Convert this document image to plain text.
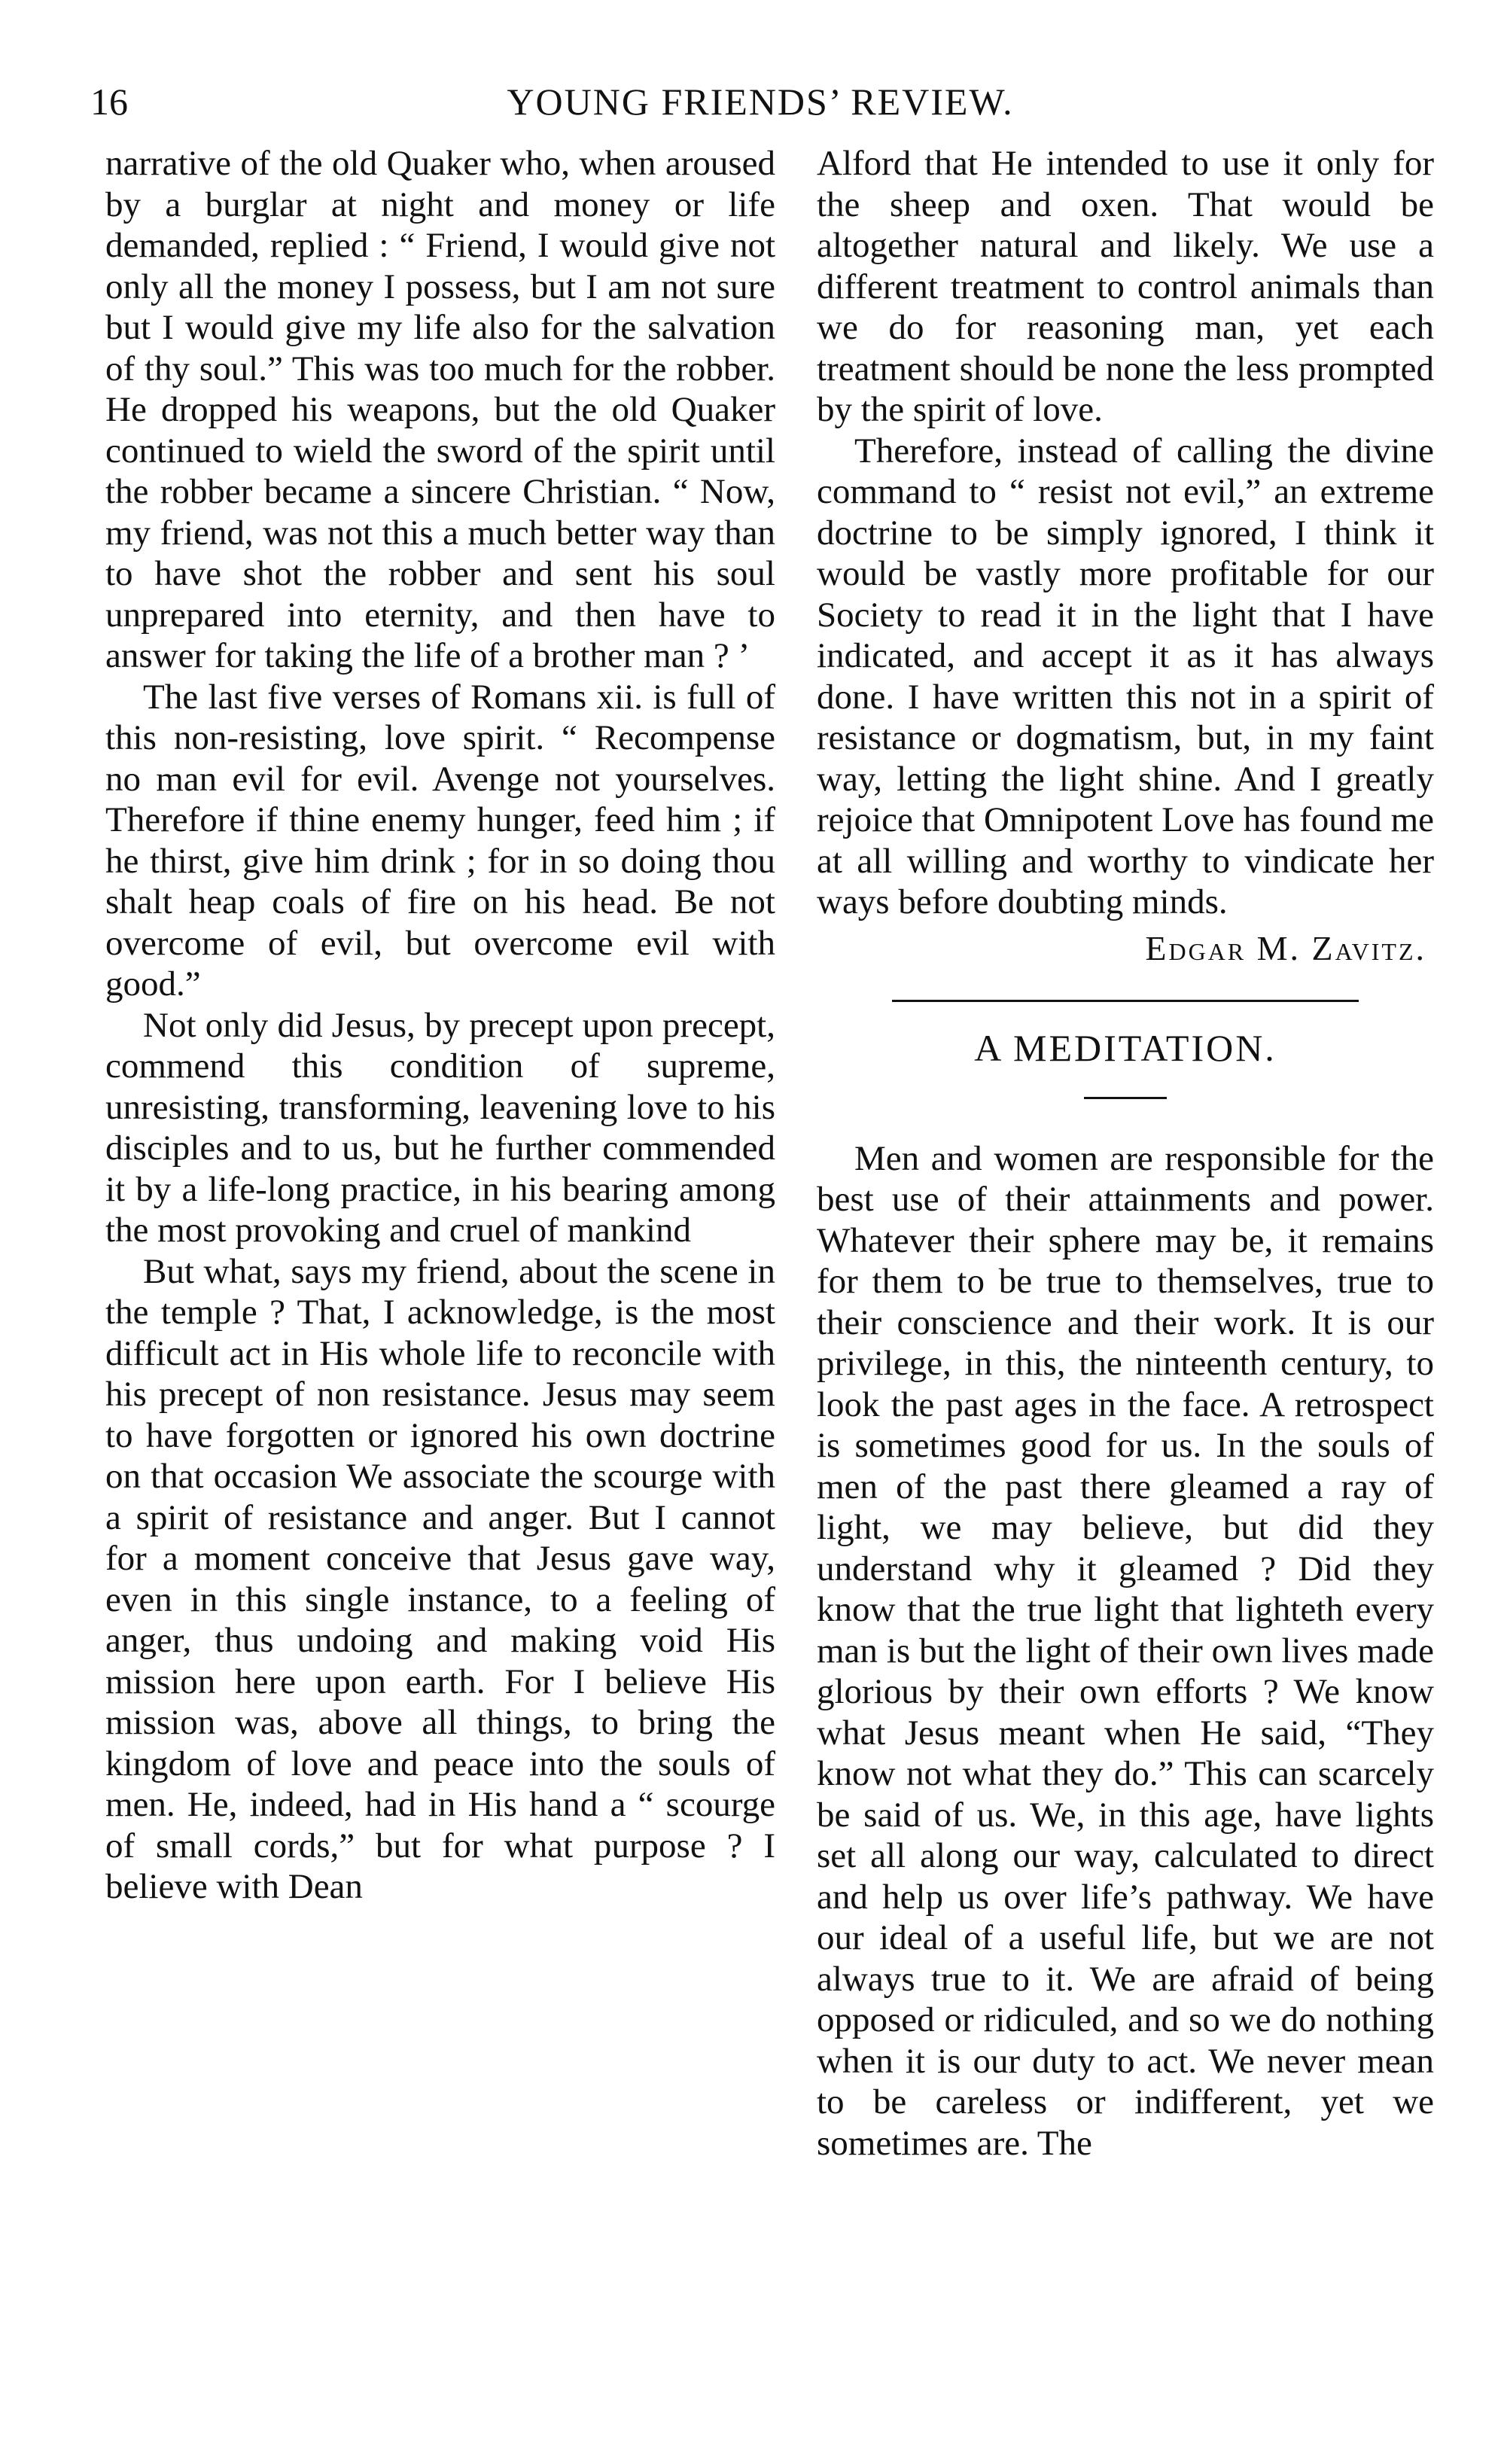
16	YOUNG FRIENDS’ REVIEW.

narrative of the old Quaker who, when aroused by a burglar at night and money or life demanded, replied : “ Friend, I would give not only all the money I possess, but I am not sure but I would give my life also for the salvation of thy soul.” This was too much for the robber. He dropped his weapons, but the old Quaker continued to wield the sword of the spirit until the robber became a sincere Christian. “ Now, my friend, was not this a much better way than to have shot the robber and sent his soul unprepared into eternity, and then have to answer for taking the life of a brother man ? ’

The last five verses of Romans xii. is full of this non-resisting, love spirit. “ Recompense no man evil for evil. Avenge not yourselves. Therefore if thine enemy hunger, feed him ; if he thirst, give him drink ; for in so doing thou shalt heap coals of fire on his head. Be not overcome of evil, but overcome evil with good.”

Not only did Jesus, by precept upon precept, commend this condition of supreme, unresisting, transforming, leavening love to his disciples and to us, but he further commended it by a life-long practice, in his bearing among the most provoking and cruel of mankind

But what, says my friend, about the scene in the temple ? That, I acknowledge, is the most difficult act in His whole life to reconcile with his precept of non resistance. Jesus may seem to have forgotten or ignored his own doctrine on that occasion We associate the scourge with a spirit of resistance and anger. But I cannot for a moment conceive that Jesus gave way, even in this single instance, to a feeling of anger, thus undoing and making void His mission here upon earth. For I believe His mission was, above all things, to bring the kingdom of love and peace into the souls of men. He, indeed, had in His hand a “ scourge of small cords,” but for what purpose ? I believe with Dean

Alford that He intended to use it only for the sheep and oxen. That would be altogether natural and likely. We use a different treatment to control animals than we do for reasoning man, yet each treatment should be none the less prompted by the spirit of love.

Therefore, instead of calling the divine command to “ resist not evil,” an extreme doctrine to be simply ignored, I think it would be vastly more profitable for our Society to read it in the light that I have indicated, and accept it as it has always done. I have written this not in a spirit of resistance or dogmatism, but, in my faint way, letting the light shine. And I greatly rejoice that Omnipotent Love has found me at all willing and worthy to vindicate her ways before doubting minds.

Edgar M. Zavitz.
A MEDITATION.

Men and women are responsible for the best use of their attainments and power. Whatever their sphere may be, it remains for them to be true to themselves, true to their conscience and their work. It is our privilege, in this, the ninteenth century, to look the past ages in the face. A retrospect is sometimes good for us. In the souls of men of the past there gleamed a ray of light, we may believe, but did they understand why it gleamed ? Did they know that the true light that lighteth every man is but the light of their own lives made glorious by their own efforts ? We know what Jesus meant when He said, “They know not what they do.” This can scarcely be said of us. We, in this age, have lights set all along our way, calculated to direct and help us over life’s pathway. We have our ideal of a useful life, but we are not always true to it. We are afraid of being opposed or ridiculed, and so we do nothing when it is our duty to act. We never mean to be careless or indifferent, yet we sometimes are. The
